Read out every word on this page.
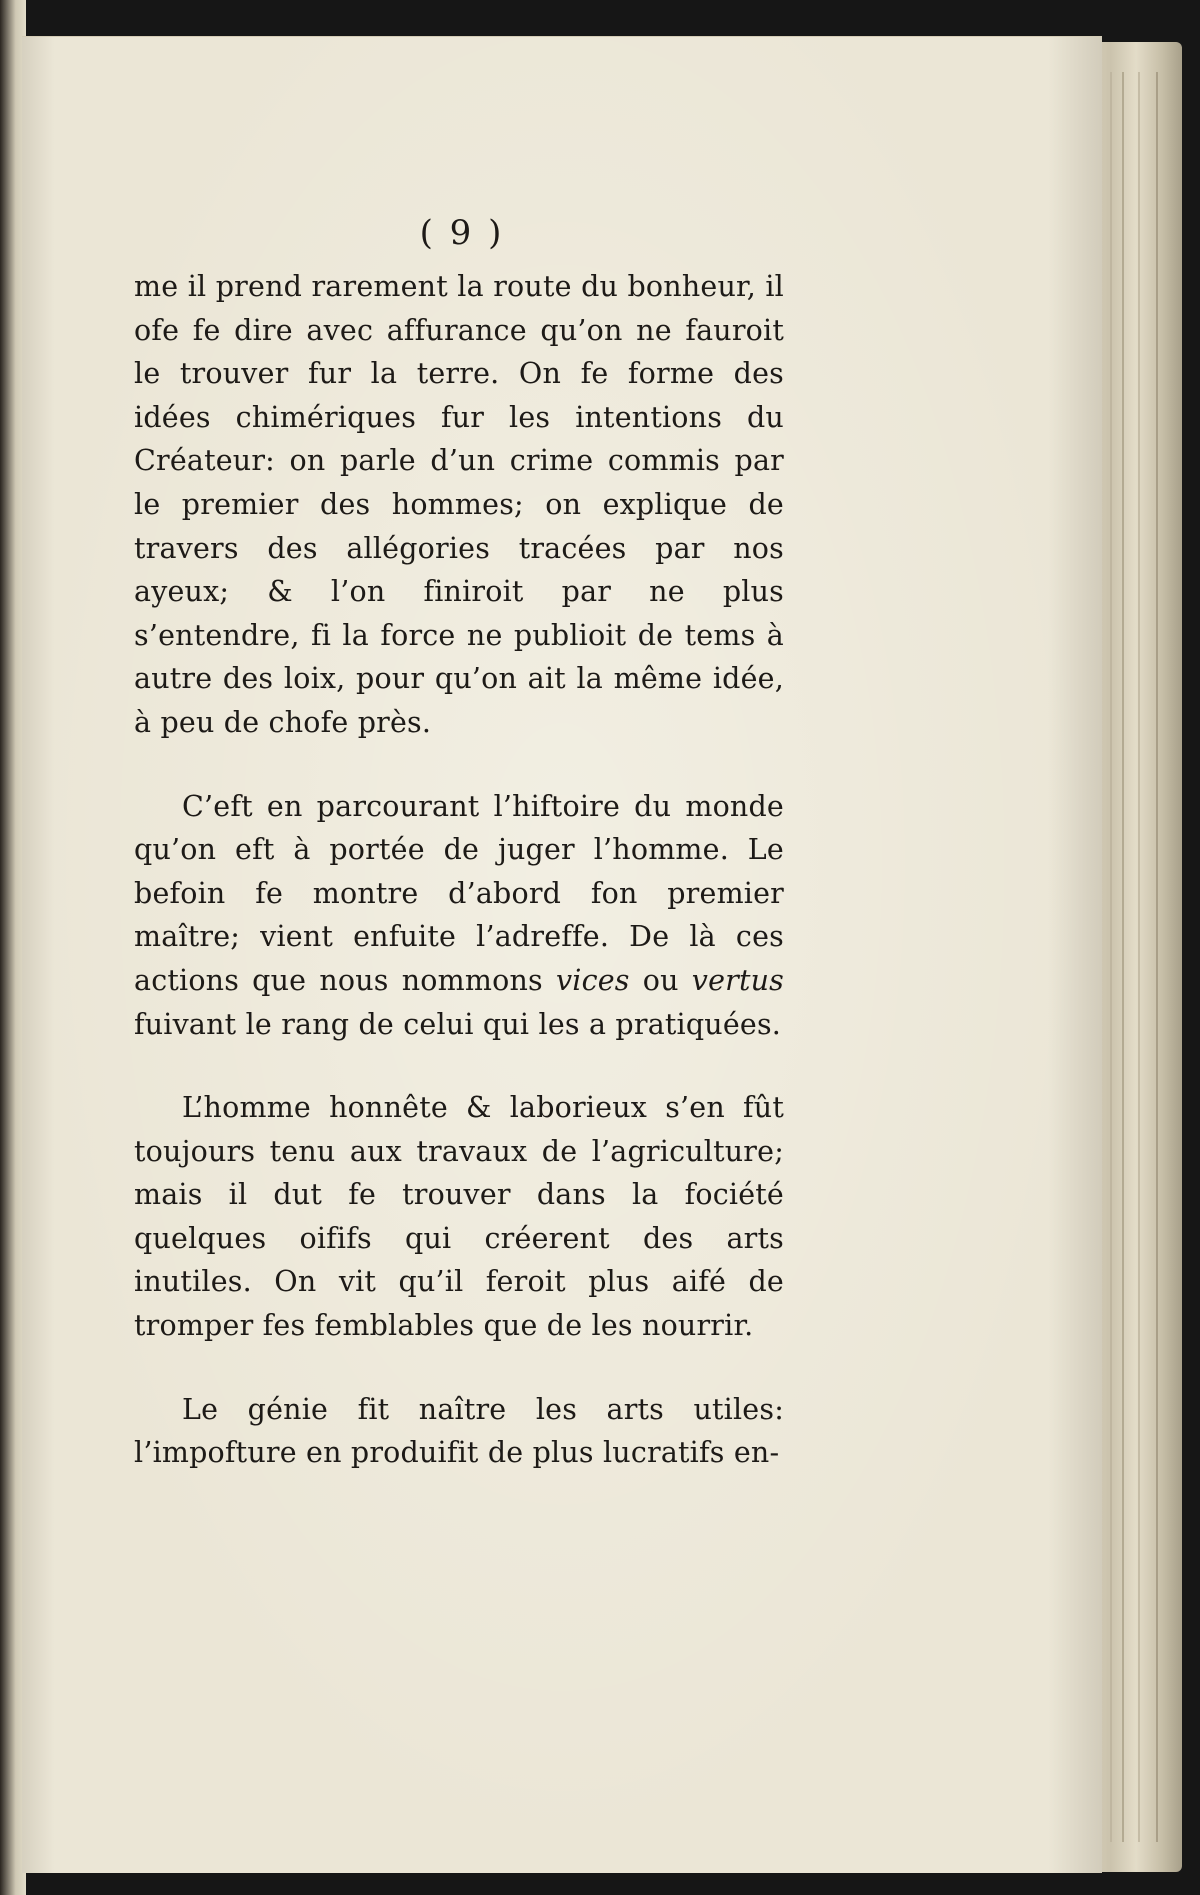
( 9 )

me il prend rarement la route du bonheur, il ofe fe dire avec affurance qu’on ne fauroit le trouver fur la terre. On fe forme des idées chimériques fur les intentions du Créateur: on parle d’un crime commis par le premier des hommes; on explique de travers des allégories tracées par nos ayeux; & l’on finiroit par ne plus s’entendre, fi la force ne publioit de tems à autre des loix, pour qu’on ait la même idée, à peu de chofe près.

C’eft en parcourant l’hiftoire du monde qu’on eft à portée de juger l’homme. Le befoin fe montre d’abord fon premier maître; vient enfuite l’adreffe. De là ces actions que nous nommons vices ou vertus fuivant le rang de celui qui les a pratiquées.

L’homme honnête & laborieux s’en fût toujours tenu aux travaux de l’agriculture; mais il dut fe trouver dans la fociété quelques oififs qui créerent des arts inutiles. On vit qu’il feroit plus aifé de tromper fes femblables que de les nourrir.

Le génie fit naître les arts utiles: l’impofture en produifit de plus lucratifs en-
